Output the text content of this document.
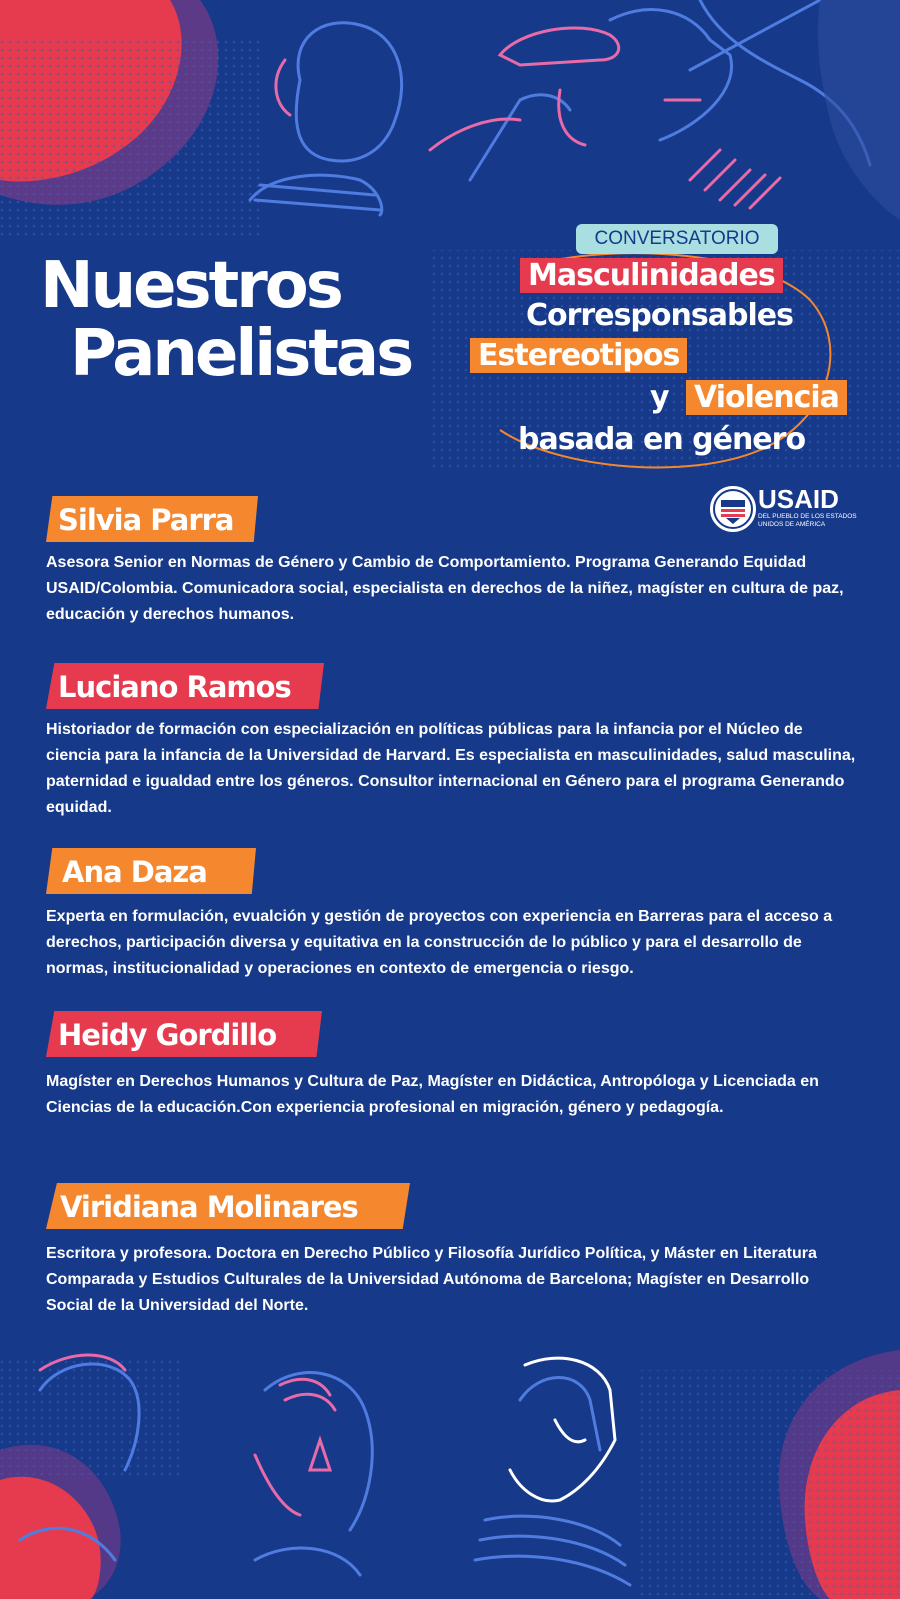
Nuestros
Panelistas
CONVERSATORIO
Masculinidades
Corresponsables
Estereotipos
y Violencia
basada en género
USAID
DEL PUEBLO DE LOS ESTADOS
UNIDOS DE AMÉRICA
Silvia Parra
Asesora Senior en Normas de Género y Cambio de Comportamiento. Programa Generando Equidad USAID/Colombia. Comunicadora social, especialista en derechos de la niñez, magíster en cultura de paz, educación y derechos humanos.
Luciano Ramos
Historiador de formación con especialización en políticas públicas para la infancia por el Núcleo de ciencia para la infancia de la Universidad de Harvard. Es especialista en masculinidades, salud masculina, paternidad e igualdad entre los géneros. Consultor internacional en Género para el programa Generando equidad.
Ana Daza
Experta en formulación, evualción y gestión de proyectos con experiencia en Barreras para el acceso a derechos, participación diversa y equitativa en la construcción de lo público y para el desarrollo de normas, institucionalidad y operaciones en contexto de emergencia o riesgo.
Heidy Gordillo
Magíster en Derechos Humanos y Cultura de Paz, Magíster en Didáctica, Antropóloga y Licenciada en Ciencias de la educación.Con experiencia profesional en migración, género y pedagogía.
Viridiana Molinares
Escritora y profesora. Doctora en Derecho Público y Filosofía Jurídico Política, y Máster en Literatura Comparada y Estudios Culturales de la Universidad Autónoma de Barcelona; Magíster en Desarrollo Social de la Universidad del Norte.
